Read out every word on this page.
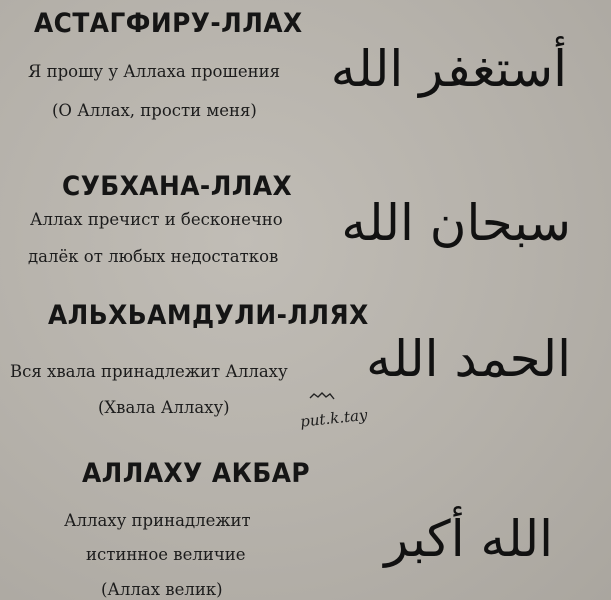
АСТАГФИРУ-ЛЛАХ
Я прошу у Аллаха прошения
(О Аллах, прости меня)
أستغفر الله
СУБХАНА-ЛЛАХ
Аллах пречист и бесконечно
далёк от любых недостатков
سبحان الله
АЛЬХЬАМДУЛИ-ЛЛЯХ
Вся хвала принадлежит Аллаху
(Хвала Аллаху)
الحمد الله
put.k.tay
АЛЛАХУ АКБАР
Аллаху принадлежит
истинное величие
(Аллах велик)
الله أكبر
